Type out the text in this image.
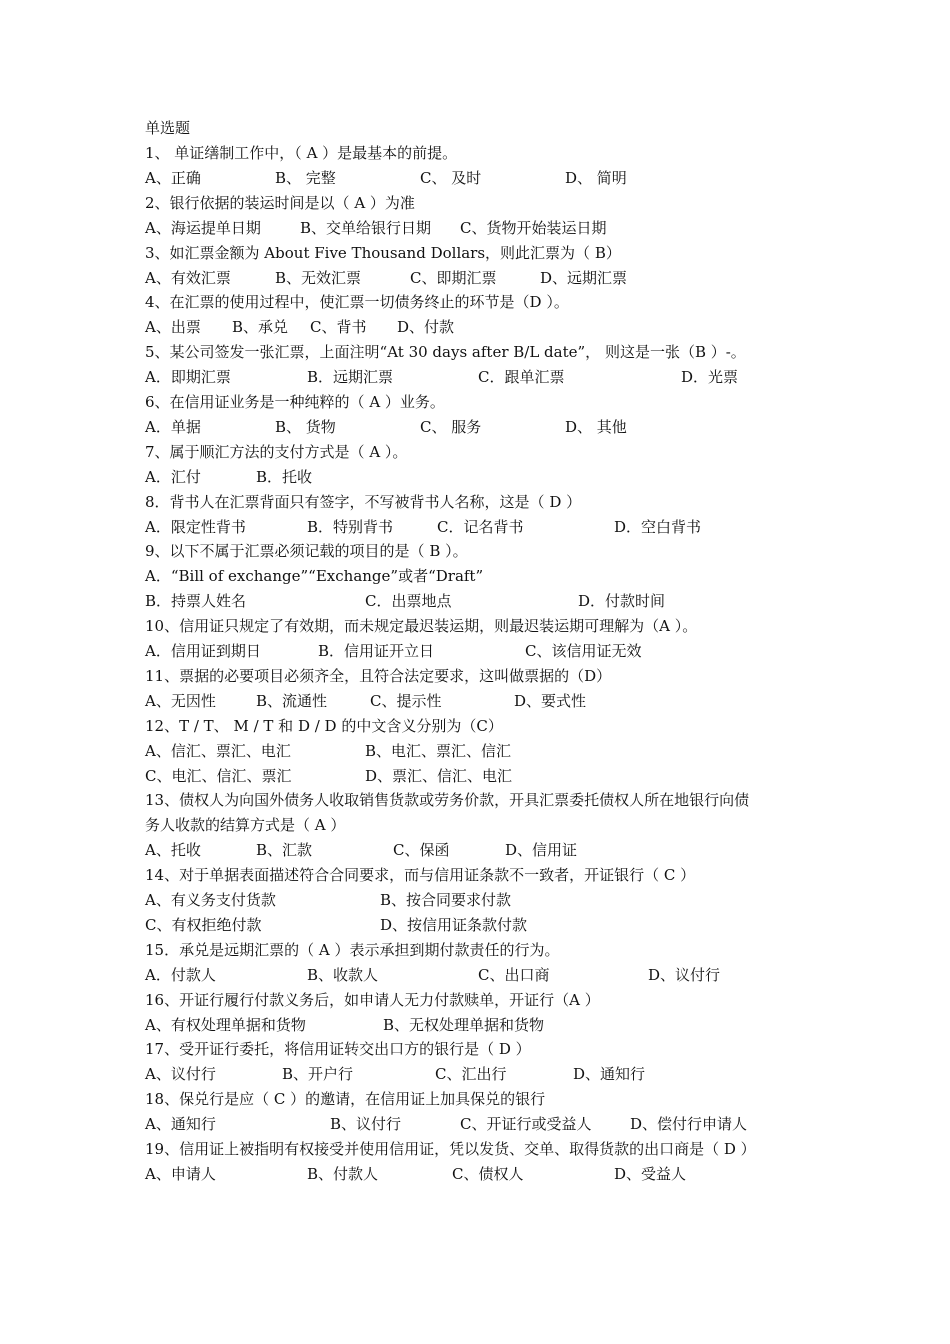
单选题
1、 单证缮制工作中，（ A ）是最基本的前提。
A、正确	B、 完整	C、 及时	D、 简明
2、银行依据的装运时间是以（ A ）为准
A、海运提单日期	B、交单给银行日期 C、货物开始装运日期
3、如汇票金额为 About Five Thousand Dollars，则此汇票为（ B）
A、有效汇票	B、无效汇票	C、即期汇票	D、远期汇票
4、在汇票的使用过程中，使汇票一切债务终止的环节是（D ）。
A、出票 B、承兑 C、背书 D、付款
5、某公司签发一张汇票，上面注明“At 30 days after B/L date”， 则这是一张（B ）-。
A．即期汇票	B．远期汇票	C．跟单汇票	D．光票
6、在信用证业务是一种纯粹的（ A ）业务。
A．单据	B、 货物	C、 服务	D、 其他
7、属于顺汇方法的支付方式是（ A ）。
A．汇付	B．托收
8．背书人在汇票背面只有签字，不写被背书人名称，这是（ D ）
A．限定性背书	B．特别背书	C．记名背书	D．空白背书
9、以下不属于汇票必须记载的项目的是（ B ）。
A．“Bill of exchange”“Exchange”或者“Draft”
B．持票人姓名	C．出票地点	D．付款时间
10、信用证只规定了有效期，而未规定最迟装运期，则最迟装运期可理解为（A ）。
A．信用证到期日	B．信用证开立日	C、该信用证无效
11、票据的必要项目必须齐全，且符合法定要求，这叫做票据的（D）
A、无因性	B、流通性	C、提示性	D、要式性
12、T / T、 M / T 和 D / D 的中文含义分别为（C）
A、信汇、票汇、电汇	B、电汇、票汇、信汇
C、电汇、信汇、票汇	D、票汇、信汇、电汇
13、债权人为向国外债务人收取销售货款或劳务价款，开具汇票委托债权人所在地银行向债
务人收款的结算方式是（ A ）
A、托收	B、汇款	C、保函	D、信用证
14、对于单据表面描述符合合同要求，而与信用证条款不一致者，开证银行（ C ）
A、有义务支付货款	B、按合同要求付款
C、有权拒绝付款	D、按信用证条款付款
15．承兑是远期汇票的（ A ）表示承担到期付款责任的行为。
A．付款人	B、收款人	C、出口商	D、议付行
16、开证行履行付款义务后，如申请人无力付款赎单，开证行（A ）
A、有权处理单据和货物	B、无权处理单据和货物
17、受开证行委托，将信用证转交出口方的银行是（ D ）
A、议付行	B、开户行	C、汇出行	D、通知行
18、保兑行是应（ C ）的邀请，在信用证上加具保兑的银行
A、通知行	B、议付行	C、开证行或受益人	D、偿付行申请人
19、信用证上被指明有权接受并使用信用证，凭以发货、交单、取得货款的出口商是（ D ）
A、申请人	B、付款人	C、债权人	D、受益人
